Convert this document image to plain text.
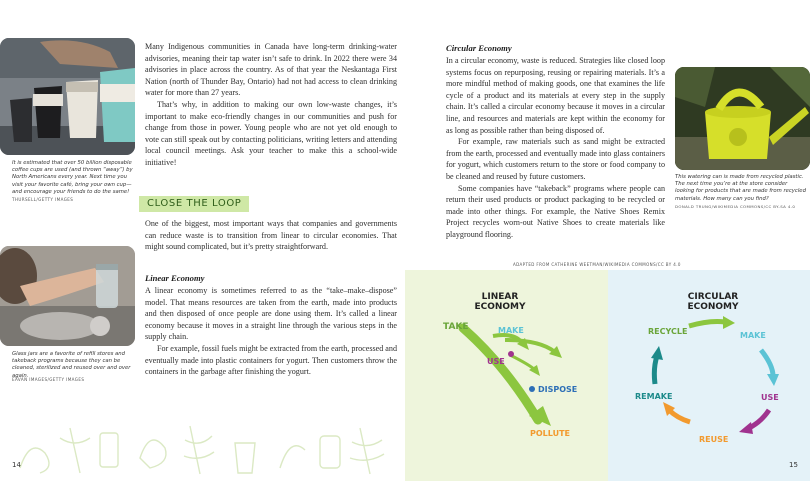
It is estimated that over 50 billion disposable coffee cups are used (and thrown “away”) by North Americans every year. Next time you visit your favorite café, bring your own cup—and encourage your friends to do the same!
THURSELL/GETTY IMAGES
Glass jars are a favorite of refill stores and takeback programs because they can be cleaned, sterilized and reused over and over again.
EAVAN IMAGES/GETTY IMAGES

Many Indigenous communities in Canada have long-term drinking-water advisories, meaning their tap water isn’t safe to drink. In 2022 there were 34 advisories in place across the country. As of that year the Neskantaga First Nation (north of Thunder Bay, Ontario) had not had access to clean drinking water for more than 27 years.

That’s why, in addition to making our own low-waste changes, it’s important to make eco-friendly changes in our communities and push for change from those in power. Young people who are not yet old enough to vote can still speak out by contacting politicians, writing letters and attending local council meetings. Ask your teacher to make this a school-wide initiative!

CLOSE THE LOOP

One of the biggest, most important ways that companies and governments can reduce waste is to transition from linear to circular economies. That might sound complicated, but it’s pretty straightforward.

Linear Economy

A linear economy is sometimes referred to as the “take–make–dispose” model. That means resources are taken from the earth, made into products and then disposed of once people are done using them. It’s called a linear economy because it moves in a straight line through the various steps in the supply chain.

For example, fossil fuels might be extracted from the earth, processed and eventually made into plastic containers for yogurt. Then customers throw the containers in the garbage after finishing the yogurt.

14
Circular Economy

In a circular economy, waste is reduced. Strategies like closed loop systems focus on repurposing, reusing or repairing materials. It’s a more mindful method of making goods, one that examines the life cycle of a product and its materials at every step in the supply chain. It’s called a circular economy because it moves in a circular line, and resources and materials are kept within the economy for as long as possible rather than being disposed of.

For example, raw materials such as sand might be extracted from the earth, processed and eventually made into glass containers for yogurt, which customers return to the store or food company to be cleaned and reused by future customers.

Some companies have “takeback” programs where people can return their used products or product packaging to be recycled or made into other things. For example, the Native Shoes Remix Project recycles worn-out Native Shoes to create materials like playground flooring.

This watering can is made from recycled plastic. The next time you’re at the store consider looking for products that are made from recycled materials. How many can you find?
DONALD TRUNG/WIKIMEDIA COMMONS/CC BY-SA 4.0
ADAPTED FROM CATHERINE WEETMAN/WIKIMEDIA COMMONS/CC BY 4.0
LINEAR
ECONOMY
TAKE	MAKE
USE
DISPOSE
POLLUTE
CIRCULAR
ECONOMY
MAKE
USE
REUSE
REMAKE
RECYCLE
15
